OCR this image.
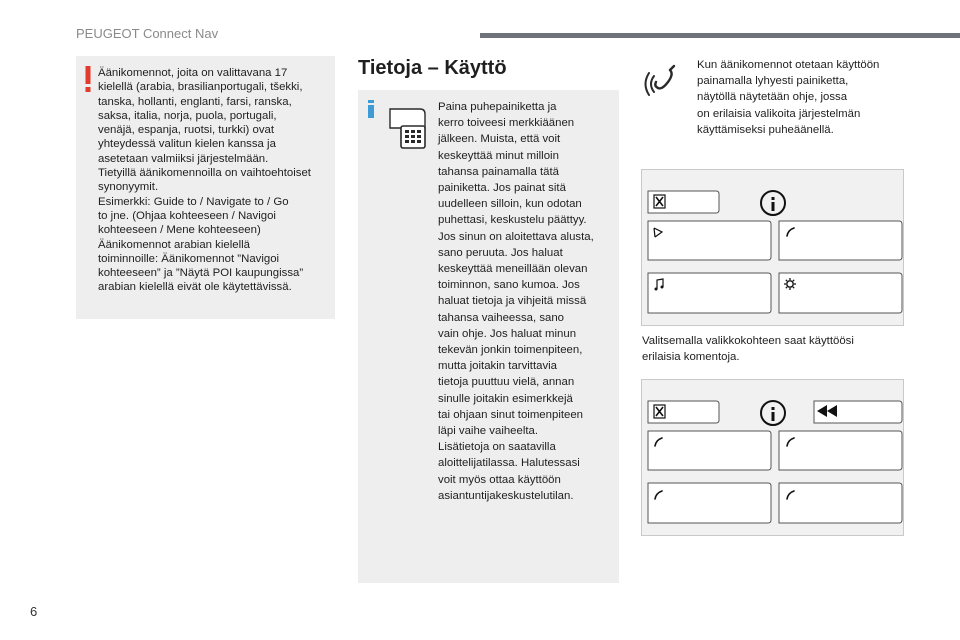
PEUGEOT Connect Nav
Äänikomennot, joita on valittavana 17
kielellä (arabia, brasilianportugali, tšekki,
tanska, hollanti, englanti, farsi, ranska,
saksa, italia, norja, puola, portugali,
venäjä, espanja, ruotsi, turkki) ovat
yhteydessä valitun kielen kanssa ja
asetetaan valmiiksi järjestelmään.
Tietyillä äänikomennoilla on vaihtoehtoiset
synonyymit.
Esimerkki: Guide to / Navigate to / Go
to jne. (Ohjaa kohteeseen / Navigoi
kohteeseen / Mene kohteeseen)
Äänikomennot arabian kielellä
toiminnoille: Äänikomennot ”Navigoi
kohteeseen” ja ”Näytä POI kaupungissa”
arabian kielellä eivät ole käytettävissä.
Tietoja – Käyttö
Paina puhepainiketta ja
kerro toiveesi merkkiäänen
jälkeen. Muista, että voit
keskeyttää minut milloin
tahansa painamalla tätä
painiketta. Jos painat sitä
uudelleen silloin, kun odotan
puhettasi, keskustelu päättyy.
Jos sinun on aloitettava alusta,
sano peruuta. Jos haluat
keskeyttää meneillään olevan
toiminnon, sano kumoa. Jos
haluat tietoja ja vihjeitä missä
tahansa vaiheessa, sano
vain ohje. Jos haluat minun
tekevän jonkin toimenpiteen,
mutta joitakin tarvittavia
tietoja puuttuu vielä, annan
sinulle joitakin esimerkkejä
tai ohjaan sinut toimenpiteen
läpi vaihe vaiheelta.
Lisätietoja on saatavilla
aloittelijatilassa. Halutessasi
voit myös ottaa käyttöön
asiantuntijakeskustelutilan.
Kun äänikomennot otetaan käyttöön
painamalla lyhyesti painiketta,
näytöllä näytetään ohje, jossa
on erilaisia valikoita järjestelmän
käyttämiseksi puheäänellä.
Valitsemalla valikkokohteen saat käyttöösi
erilaisia komentoja.
6
